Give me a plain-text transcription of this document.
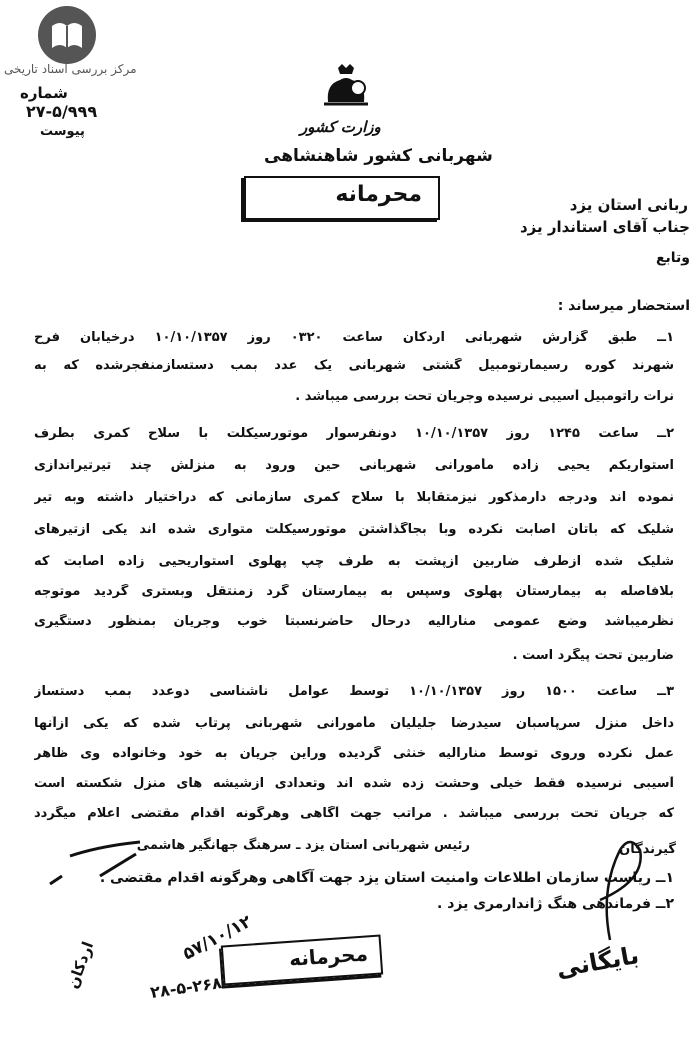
مرکز بررسی اسناد تاریخی
وزارت کشور
شهربانی کشور شاهنشاهی
محرمانه
شماره
۲۷-۵/۹۹۹
پیوست
ربانی استان یزد
جناب آقای استاندار یزد
وتابع
استحضار میرساند :
۱ــ طبق گزارش شهربانی اردکان ساعت ۰۳۲۰ روز ۱۰/۱۰/۱۳۵۷ درخیابان فرح
شهرند کوره رسیمارتومبیل گشتی شهربانی یک عدد بمب دستسازمنفجرشده که به
نرات راتومبیل آسیبی نرسیده وجریان تحت بررسی میباشد .
۲ــ ساعت ۱۲۴۵ روز ۱۰/۱۰/۱۳۵۷ دونفرسوار موتورسیکلت با سلاح کمری بطرف
استواریکم یحیی زاده مأمورانی شهربانی حین ورود به منزلش چند تیرتیراندازی
نموده اند ودرجه دارمذکور نیزمتقابلا با سلاح کمری سازمانی که دراختیار داشته وبه تیر
شلیک که باتان اصابت نکرده وبا بجاگذاشتن موتورسیکلت متواری شده اند یکی ازتیرهای
شلیک شده ازطرف ضاربین ازپشت به طرف چپ پهلوی استواریحیی زاده اصابت که
بلافاصله به بیمارستان پهلوی وسپس به بیمارستان گرد زمنتقل وبستری گردید موتوجه
نظرمیباشد وضع عمومی منارالیه درحال حاضرنسبتاً خوب وجریان بمنظور دستگیری
ضاربین تحت پیگرد است .
۳ــ ساعت ۱۵۰۰ روز ۱۰/۱۰/۱۳۵۷ توسط عوامل ناشناسی دوعدد بمب دستساز
داخل منزل سرپاسبان سیدرضا جلیلیان مأمورانی شهربانی پرتاب شده که یکی ازآنها
عمل نکرده وروی توسط منارالیه خنثی گردیده وراین جریان به خود وخانواده وی ظاهر
آسیبی نرسیده فقط خیلی وحشت زده شده اند وتعدادی ازشیشه های منزل شکسته است
که جریان تحت بررسی میباشد . مراتب جهت آگاهی وهرگونه اقدام مقتضی اعلام میگردد
رئیس شهربانی استان یزد ـ سرهنگ جهانگیر هاشمی	گیرندگان
۱ــ ریاست سازمان اطلاعات وامنیت استان یزد جهت آگاهی وهرگونه اقدام مقتضی .
۲ــ فرماندهی هنگ ژاندارمری یزد .
محرمانه
۵۷/۱۰/۱۲
۲۸-۵-۲۶۸
بایگانی
اردکان
